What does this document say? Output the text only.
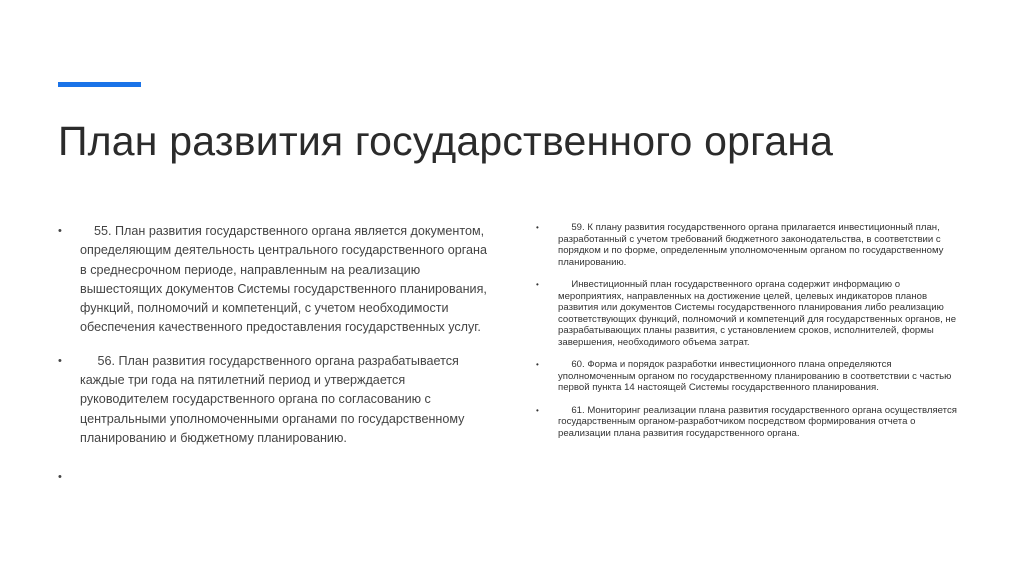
План развития государственного органа
•	55. План развития государственного органа является документом, определяющим деятельность центрального государственного органа в среднесрочном периоде, направленным на реализацию вышестоящих документов Системы государственного планирования, функций, полномочий и компетенций, с учетом необходимости обеспечения качественного предоставления государственных услуг.
•	56. План развития государственного органа разрабатывается каждые три года на пятилетний период и утверждается руководителем государственного органа по согласованию с центральными уполномоченными органами по государственному планированию и бюджетному планированию.
•

•	59. К плану развития государственного органа прилагается инвестиционный план, разработанный с учетом требований бюджетного законодательства, в соответствии с порядком и по форме, определенным уполномоченным органом по государственному планированию.
•	Инвестиционный план государственного органа содержит информацию о мероприятиях, направленных на достижение целей, целевых индикаторов планов развития или документов Системы государственного планирования либо реализацию соответствующих функций, полномочий и компетенций для государственных органов, не разрабатывающих планы развития, с установлением сроков, исполнителей, формы завершения, необходимого объема затрат.
•	60. Форма и порядок разработки инвестиционного плана определяются уполномоченным органом по государственному планированию в соответствии с частью первой пункта 14 настоящей Системы государственного планирования.
•	61. Мониторинг реализации плана развития государственного органа осуществляется государственным органом-разработчиком посредством формирования отчета о реализации плана развития государственного органа.
